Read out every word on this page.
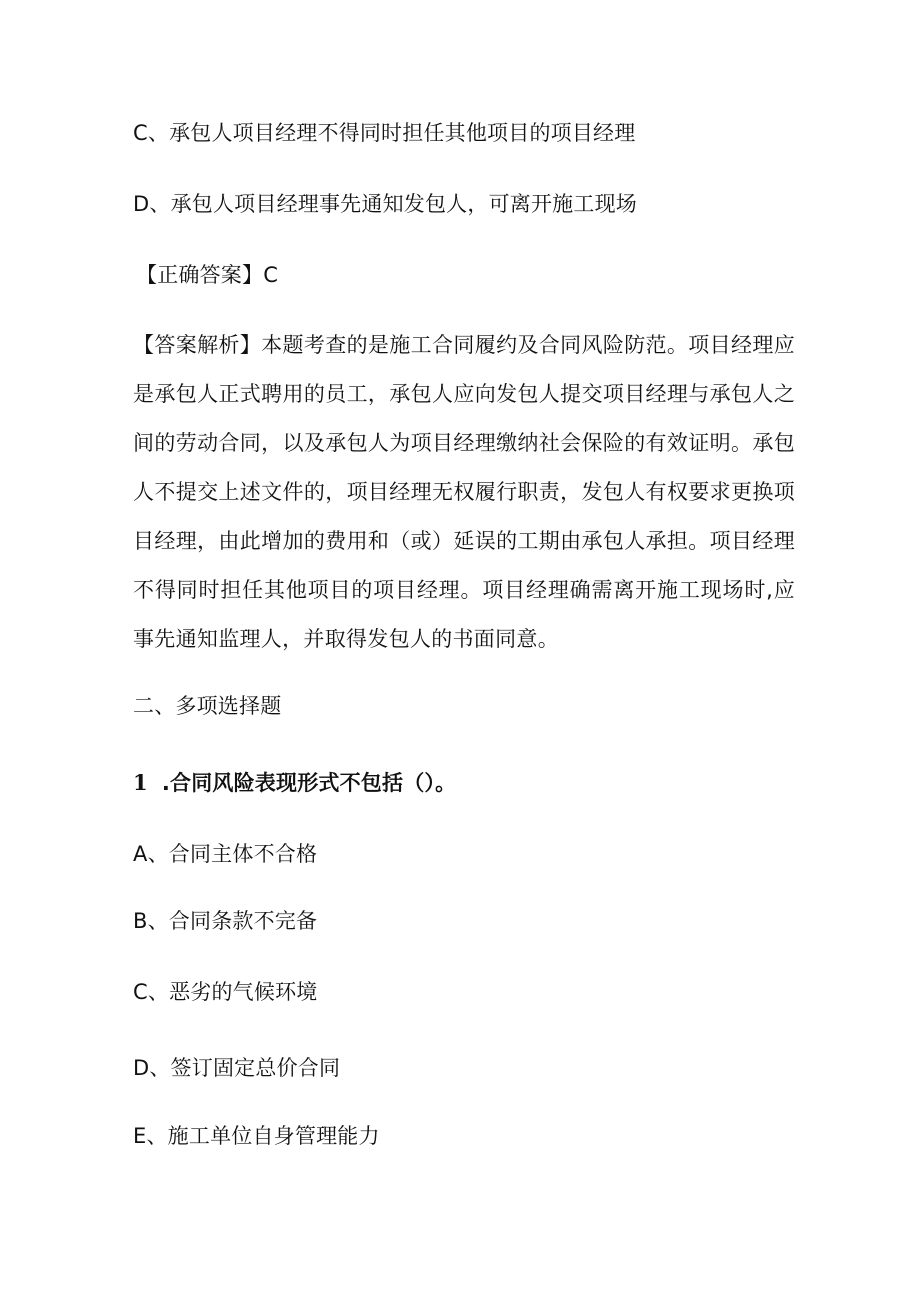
C、承包人项目经理不得同时担任其他项目的项目经理
D、承包人项目经理事先通知发包人，可离开施工现场
【正确答案】C
【答案解析】本题考查的是施工合同履约及合同风险防范。项目经理应是承包人正式聘用的员工，承包人应向发包人提交项目经理与承包人之间的劳动合同，以及承包人为项目经理缴纳社会保险的有效证明。承包人不提交上述文件的，项目经理无权履行职责，发包人有权要求更换项目经理，由此增加的费用和（或）延误的工期由承包人承担。项目经理不得同时担任其他项目的项目经理。项目经理确需离开施工现场时,应事先通知监理人，并取得发包人的书面同意。
二、多项选择题
1 .合同风险表现形式不包括（）。
A、合同主体不合格
B、合同条款不完备
C、恶劣的气候环境
D、签订固定总价合同
E、施工单位自身管理能力
